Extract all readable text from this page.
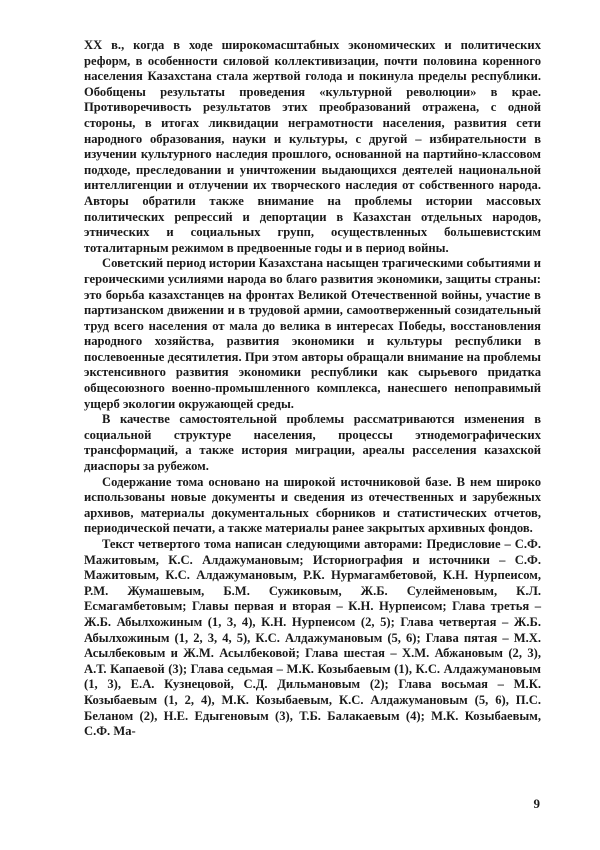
XX в., когда в ходе широкомасштабных экономических и политических реформ, в особенности силовой коллективизации, почти половина коренного населения Казахстана стала жертвой голода и покинула пределы республики. Обобщены результаты проведения «культурной революции» в крае. Противоречивость результатов этих преобразований отражена, с одной стороны, в итогах ликвидации неграмотности населения, развития сети народного образования, науки и культуры, с другой – избирательности в изучении культурного наследия прошлого, основанной на партийно-классовом подходе, преследовании и уничтожении выдающихся деятелей национальной интеллигенции и отлучении их творческого наследия от собственного народа. Авторы обратили также внимание на проблемы истории массовых политических репрессий и депортации в Казахстан отдельных народов, этнических и социальных групп, осуществленных большевистским тоталитарным режимом в предвоенные годы и в период войны.

Советский период истории Казахстана насыщен трагическими событиями и героическими усилиями народа во благо развития экономики, защиты страны: это борьба казахстанцев на фронтах Великой Отечественной войны, участие в партизанском движении и в трудовой армии, самоотверженный созидательный труд всего населения от мала до велика в интересах Победы, восстановления народного хозяйства, развития экономики и культуры республики в послевоенные десятилетия. При этом авторы обращали внимание на проблемы экстенсивного развития экономики республики как сырьевого придатка общесоюзного военно-промышленного комплекса, нанесшего непоправимый ущерб экологии окружающей среды.

В качестве самостоятельной проблемы рассматриваются изменения в социальной структуре населения, процессы этнодемографических трансформаций, а также история миграции, ареалы расселения казахской диаспоры за рубежом.

Содержание тома основано на широкой источниковой базе. В нем широко использованы новые документы и сведения из отечественных и зарубежных архивов, материалы документальных сборников и статистических отчетов, периодической печати, а также материалы ранее закрытых архивных фондов.

Текст четвертого тома написан следующими авторами: Предисловие – С.Ф. Мажитовым, К.С. Алдажумановым; Историография и источники – С.Ф. Мажитовым, К.С. Алдажумановым, Р.К. Нурмагамбетовой, К.Н. Нурпеисом, Р.М. Жумашевым, Б.М. Сужиковым, Ж.Б. Сулейменовым, К.Л. Есмагамбетовым; Главы первая и вторая – К.Н. Нурпеисом; Глава третья – Ж.Б. Абылхожиным (1, 3, 4), К.Н. Нурпеисом (2, 5); Глава четвертая – Ж.Б. Абылхожиным (1, 2, 3, 4, 5), К.С. Алдажумановым (5, 6); Глава пятая – М.Х. Асылбековым и Ж.М. Асылбековой; Глава шестая – Х.М. Абжановым (2, 3), А.Т. Капаевой (3); Глава седьмая – М.К. Козыбаевым (1), К.С. Алдажумановым (1, 3), Е.А. Кузнецовой, С.Д. Дильмановым (2); Глава восьмая – М.К. Козыбаевым (1, 2, 4), М.К. Козыбаевым, К.С. Алдажумановым (5, 6), П.С. Беланом (2), Н.Е. Едыгеновым (3), Т.Б. Балакаевым (4); М.К. Козыбаевым, С.Ф. Ма-

9
